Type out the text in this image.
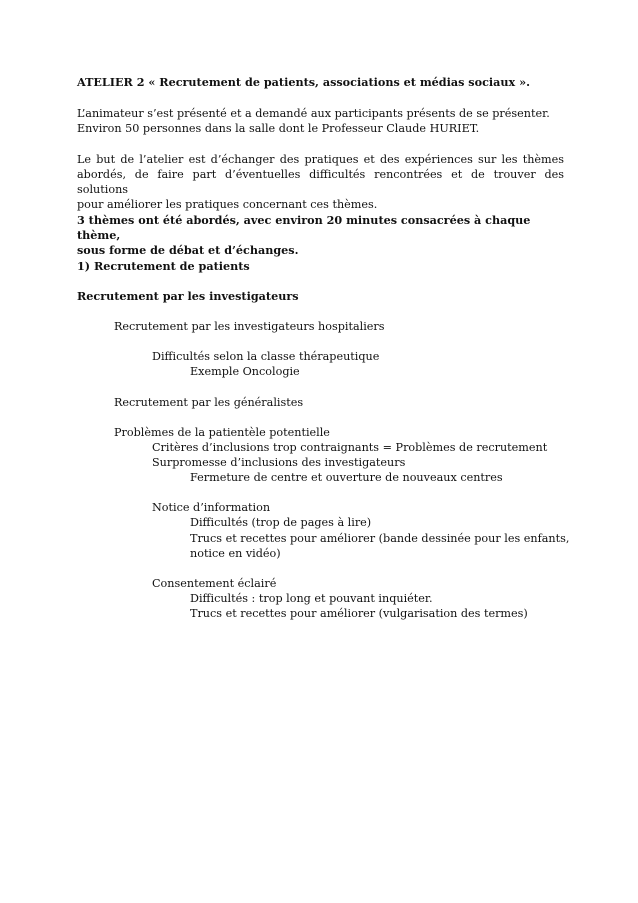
ATELIER 2 « Recrutement de patients, associations et médias sociaux ».

L’animateur s’est présenté et a demandé aux participants présents de se présenter.
Environ 50 personnes dans la salle dont le Professeur Claude HURIET.
Le but de l’atelier est d’échanger des pratiques et des expériences sur les thèmes
abordés, de faire part d’éventuelles difficultés rencontrées et de trouver des solutions
pour améliorer les pratiques concernant ces thèmes.
3 thèmes ont été abordés, avec environ 20 minutes consacrées à chaque thème,
sous forme de débat et d’échanges.

1) Recrutement de patients

Recrutement par les investigateurs

Recrutement par les investigateurs hospitaliers

Difficultés selon la classe thérapeutique

Exemple Oncologie

Recrutement par les généralistes

Problèmes de la patientèle potentielle

Critères d’inclusions trop contraignants = Problèmes de recrutement

Surpromesse d’inclusions des investigateurs

Fermeture de centre et ouverture de nouveaux centres

Notice d’information

Difficultés (trop de pages à lire)

Trucs et recettes pour améliorer (bande dessinée pour les enfants,

notice en vidéo)

Consentement éclairé

Difficultés : trop long et pouvant inquiéter.

Trucs et recettes pour améliorer (vulgarisation des termes)
